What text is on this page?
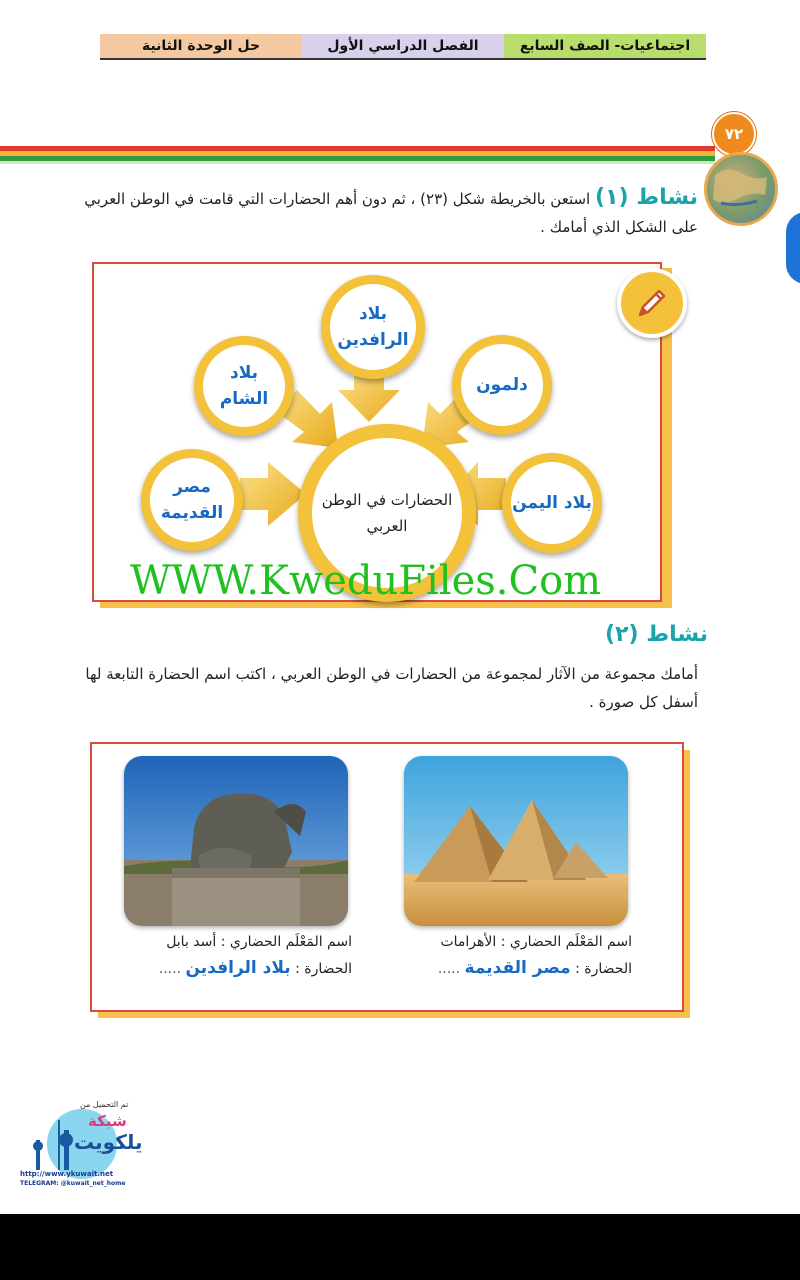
اجتماعيات- الصف السابع
الفصل الدراسي الأول
حل الوحدة الثانية
٧٢
نشاط (١) استعن بالخريطة شكل (٢٣) ، ثم دون أهم الحضارات التي قامت في الوطن العربي على الشكل الذي أمامك .
بلاد الرافدين
بلاد الشام
دلمون
مصر القديمة	بلاد اليمن
الحضارات في الوطن العربي
WWW.KweduFiles.Com
نشاط (٢)
أمامك مجموعة من الآثار لمجموعة من الحضارات في الوطن العربي ، اكتب اسم الحضارة التابعة لها أسفل كل صورة .
اسم المَعْلَم الحضاري : الأهرامات
الحضارة : مصر القديمة .....
اسم المَعْلَم الحضاري : أسد بابل
الحضارة : بلاد الرافدين .....
تم التحميل من
شبكة
يلكويت
http://www.ykuwait.net
TELEGRAM: @kuwait_net_home
